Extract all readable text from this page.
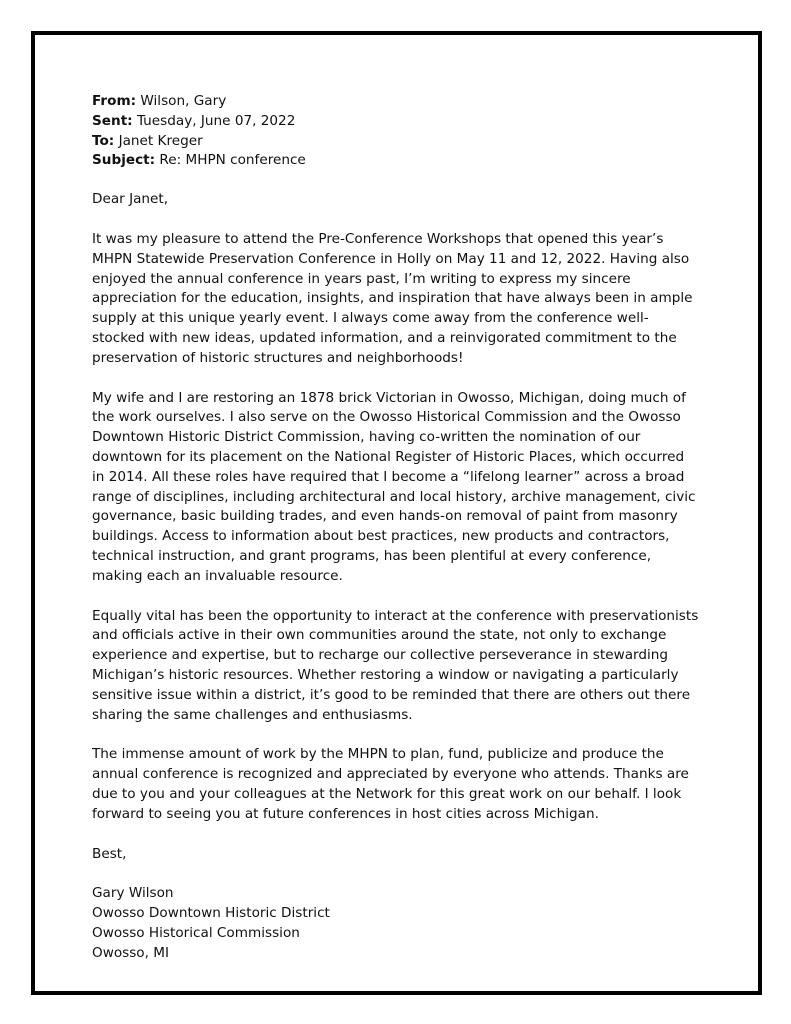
From: Wilson, Gary
Sent: Tuesday, June 07, 2022
To: Janet Kreger
Subject: Re: MHPN conference
Dear Janet,
It was my pleasure to attend the Pre-Conference Workshops that opened this year’s
MHPN Statewide Preservation Conference in Holly on May 11 and 12, 2022. Having also
enjoyed the annual conference in years past, I’m writing to express my sincere
appreciation for the education, insights, and inspiration that have always been in ample
supply at this unique yearly event. I always come away from the conference well-
stocked with new ideas, updated information, and a reinvigorated commitment to the
preservation of historic structures and neighborhoods!
My wife and I are restoring an 1878 brick Victorian in Owosso, Michigan, doing much of
the work ourselves. I also serve on the Owosso Historical Commission and the Owosso
Downtown Historic District Commission, having co-written the nomination of our
downtown for its placement on the National Register of Historic Places, which occurred
in 2014. All these roles have required that I become a “lifelong learner” across a broad
range of disciplines, including architectural and local history, archive management, civic
governance, basic building trades, and even hands-on removal of paint from masonry
buildings. Access to information about best practices, new products and contractors,
technical instruction, and grant programs, has been plentiful at every conference,
making each an invaluable resource.
Equally vital has been the opportunity to interact at the conference with preservationists
and officials active in their own communities around the state, not only to exchange
experience and expertise, but to recharge our collective perseverance in stewarding
Michigan’s historic resources. Whether restoring a window or navigating a particularly
sensitive issue within a district, it’s good to be reminded that there are others out there
sharing the same challenges and enthusiasms.
The immense amount of work by the MHPN to plan, fund, publicize and produce the
annual conference is recognized and appreciated by everyone who attends. Thanks are
due to you and your colleagues at the Network for this great work on our behalf. I look
forward to seeing you at future conferences in host cities across Michigan.
Best,
Gary Wilson
Owosso Downtown Historic District
Owosso Historical Commission
Owosso, MI
